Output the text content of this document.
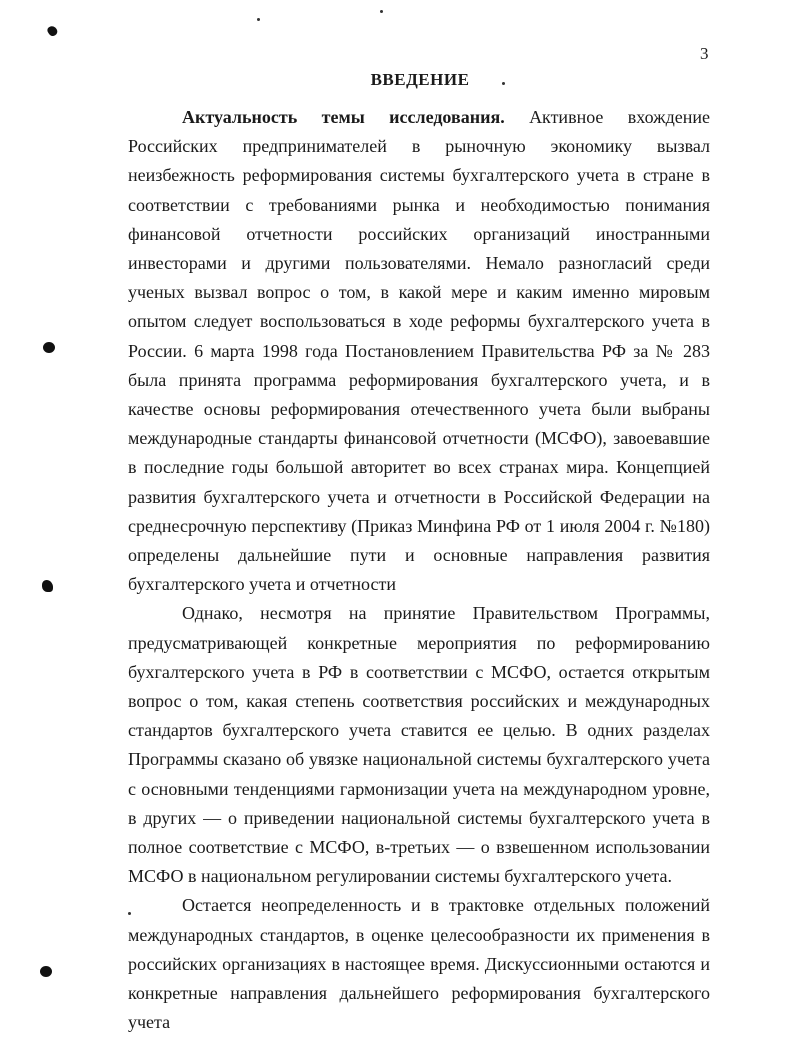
3
ВВЕДЕНИЕ

Актуальность темы исследования. Активное вхождение Российских предпринимателей в рыночную экономику вызвал неизбежность реформирования системы бухгалтерского учета в стране в соответствии с требованиями рынка и необходимостью понимания финансовой отчетности российских организаций иностранными инвесторами и другими пользователями. Немало разногласий среди ученых вызвал вопрос о том, в какой мере и каким именно мировым опытом следует воспользоваться в ходе реформы бухгалтерского учета в России. 6 марта 1998 года Постановлением Правительства РФ за № 283 была принята программа реформирования бухгалтерского учета, и в качестве основы реформирования отечественного учета были выбраны международные стандарты финансовой отчетности (МСФО), завоевавшие в последние годы большой авторитет во всех странах мира. Концепцией развития бухгалтерского учета и отчетности в Российской Федерации на среднесрочную перспективу (Приказ Минфина РФ от 1 июля 2004 г. №180) определены дальнейшие пути и основные направления развития бухгалтерского учета и отчетности

Однако, несмотря на принятие Правительством Программы, предусматривающей конкретные мероприятия по реформированию бухгалтерского учета в РФ в соответствии с МСФО, остается открытым вопрос о том, какая степень соответствия российских и международных стандартов бухгалтерского учета ставится ее целью. В одних разделах Программы сказано об увязке национальной системы бухгалтерского учета с основными тенденциями гармонизации учета на международном уровне, в других — о приведении национальной системы бухгалтерского учета в полное соответствие с МСФО, в-третьих — о взвешенном использовании МСФО в национальном регулировании системы бухгалтерского учета.

Остается неопределенность и в трактовке отдельных положений международных стандартов, в оценке целесообразности их применения в российских организациях в настоящее время. Дискуссионными остаются и конкретные направления дальнейшего реформирования бухгалтерского учета
